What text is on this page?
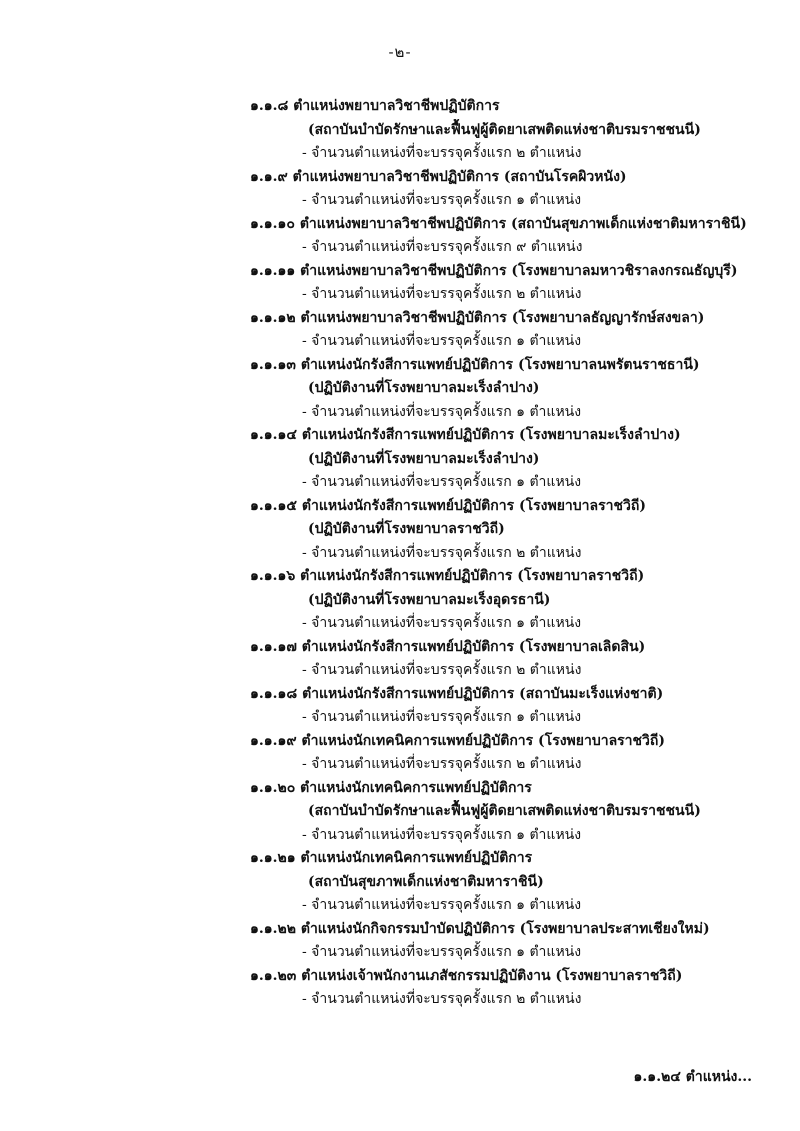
-๒-
๑.๑.๘ ตำแหน่งพยาบาลวิชาชีพปฏิบัติการ
(สถาบันบำบัดรักษาและฟื้นฟูผู้ติดยาเสพติดแห่งชาติบรมราชชนนี)
- จำนวนตำแหน่งที่จะบรรจุครั้งแรก ๒ ตำแหน่ง
๑.๑.๙ ตำแหน่งพยาบาลวิชาชีพปฏิบัติการ (สถาบันโรคผิวหนัง)
- จำนวนตำแหน่งที่จะบรรจุครั้งแรก ๑ ตำแหน่ง
๑.๑.๑๐ ตำแหน่งพยาบาลวิชาชีพปฏิบัติการ (สถาบันสุขภาพเด็กแห่งชาติมหาราชินี)
- จำนวนตำแหน่งที่จะบรรจุครั้งแรก ๙ ตำแหน่ง
๑.๑.๑๑ ตำแหน่งพยาบาลวิชาชีพปฏิบัติการ (โรงพยาบาลมหาวชิราลงกรณธัญบุรี)
- จำนวนตำแหน่งที่จะบรรจุครั้งแรก ๒ ตำแหน่ง
๑.๑.๑๒ ตำแหน่งพยาบาลวิชาชีพปฏิบัติการ (โรงพยาบาลธัญญารักษ์สงขลา)
- จำนวนตำแหน่งที่จะบรรจุครั้งแรก ๑ ตำแหน่ง
๑.๑.๑๓ ตำแหน่งนักรังสีการแพทย์ปฏิบัติการ (โรงพยาบาลนพรัตนราชธานี)
(ปฏิบัติงานที่โรงพยาบาลมะเร็งลำปาง)
- จำนวนตำแหน่งที่จะบรรจุครั้งแรก ๑ ตำแหน่ง
๑.๑.๑๔ ตำแหน่งนักรังสีการแพทย์ปฏิบัติการ (โรงพยาบาลมะเร็งลำปาง)
(ปฏิบัติงานที่โรงพยาบาลมะเร็งลำปาง)
- จำนวนตำแหน่งที่จะบรรจุครั้งแรก ๑ ตำแหน่ง
๑.๑.๑๕ ตำแหน่งนักรังสีการแพทย์ปฏิบัติการ (โรงพยาบาลราชวิถี)
(ปฏิบัติงานที่โรงพยาบาลราชวิถี)
- จำนวนตำแหน่งที่จะบรรจุครั้งแรก ๒ ตำแหน่ง
๑.๑.๑๖ ตำแหน่งนักรังสีการแพทย์ปฏิบัติการ (โรงพยาบาลราชวิถี)
(ปฏิบัติงานที่โรงพยาบาลมะเร็งอุดรธานี)
- จำนวนตำแหน่งที่จะบรรจุครั้งแรก ๑ ตำแหน่ง
๑.๑.๑๗ ตำแหน่งนักรังสีการแพทย์ปฏิบัติการ (โรงพยาบาลเลิดสิน)
- จำนวนตำแหน่งที่จะบรรจุครั้งแรก ๒ ตำแหน่ง
๑.๑.๑๘ ตำแหน่งนักรังสีการแพทย์ปฏิบัติการ (สถาบันมะเร็งแห่งชาติ)
- จำนวนตำแหน่งที่จะบรรจุครั้งแรก ๑ ตำแหน่ง
๑.๑.๑๙ ตำแหน่งนักเทคนิคการแพทย์ปฏิบัติการ (โรงพยาบาลราชวิถี)
- จำนวนตำแหน่งที่จะบรรจุครั้งแรก ๒ ตำแหน่ง
๑.๑.๒๐ ตำแหน่งนักเทคนิคการแพทย์ปฏิบัติการ
(สถาบันบำบัดรักษาและฟื้นฟูผู้ติดยาเสพติดแห่งชาติบรมราชชนนี)
- จำนวนตำแหน่งที่จะบรรจุครั้งแรก ๑ ตำแหน่ง
๑.๑.๒๑ ตำแหน่งนักเทคนิคการแพทย์ปฏิบัติการ
(สถาบันสุขภาพเด็กแห่งชาติมหาราชินี)
- จำนวนตำแหน่งที่จะบรรจุครั้งแรก ๑ ตำแหน่ง
๑.๑.๒๒ ตำแหน่งนักกิจกรรมบำบัดปฏิบัติการ (โรงพยาบาลประสาทเชียงใหม่)
- จำนวนตำแหน่งที่จะบรรจุครั้งแรก ๑ ตำแหน่ง
๑.๑.๒๓ ตำแหน่งเจ้าพนักงานเภสัชกรรมปฏิบัติงาน (โรงพยาบาลราชวิถี)
- จำนวนตำแหน่งที่จะบรรจุครั้งแรก ๒ ตำแหน่ง
๑.๑.๒๔ ตำแหน่ง...
